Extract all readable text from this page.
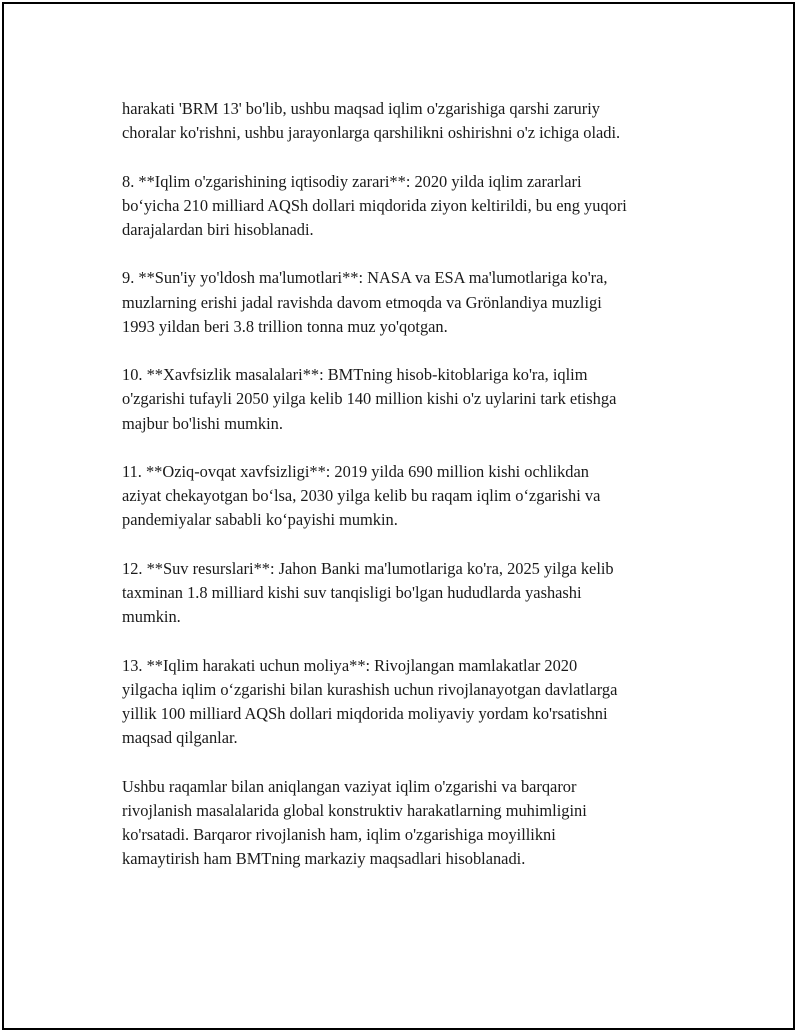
harakati 'BRM 13' bo'lib, ushbu maqsad iqlim o'zgarishiga qarshi zaruriy
choralar ko'rishni, ushbu jarayonlarga qarshilikni oshirishni o'z ichiga oladi.

8. **Iqlim o'zgarishining iqtisodiy zarari**: 2020 yilda iqlim zararlari
bo‘yicha 210 milliard AQSh dollari miqdorida ziyon keltirildi, bu eng yuqori
darajalardan biri hisoblanadi.

9. **Sun'iy yo'ldosh ma'lumotlari**: NASA va ESA ma'lumotlariga ko'ra,
muzlarning erishi jadal ravishda davom etmoqda va Grönlandiya muzligi
1993 yildan beri 3.8 trillion tonna muz yo'qotgan.

10. **Xavfsizlik masalalari**: BMTning hisob-kitoblariga ko'ra, iqlim
o'zgarishi tufayli 2050 yilga kelib 140 million kishi o'z uylarini tark etishga
majbur bo'lishi mumkin.

11. **Oziq-ovqat xavfsizligi**: 2019 yilda 690 million kishi ochlikdan
aziyat chekayotgan bo‘lsa, 2030 yilga kelib bu raqam iqlim o‘zgarishi va
pandemiyalar sababli ko‘payishi mumkin.

12. **Suv resurslari**: Jahon Banki ma'lumotlariga ko'ra, 2025 yilga kelib
taxminan 1.8 milliard kishi suv tanqisligi bo'lgan hududlarda yashashi
mumkin.

13. **Iqlim harakati uchun moliya**: Rivojlangan mamlakatlar 2020
yilgacha iqlim o‘zgarishi bilan kurashish uchun rivojlanayotgan davlatlarga
yillik 100 milliard AQSh dollari miqdorida moliyaviy yordam ko'rsatishni
maqsad qilganlar.

Ushbu raqamlar bilan aniqlangan vaziyat iqlim o'zgarishi va barqaror
rivojlanish masalalarida global konstruktiv harakatlarning muhimligini
ko'rsatadi. Barqaror rivojlanish ham, iqlim o'zgarishiga moyillikni
kamaytirish ham BMTning markaziy maqsadlari hisoblanadi.
